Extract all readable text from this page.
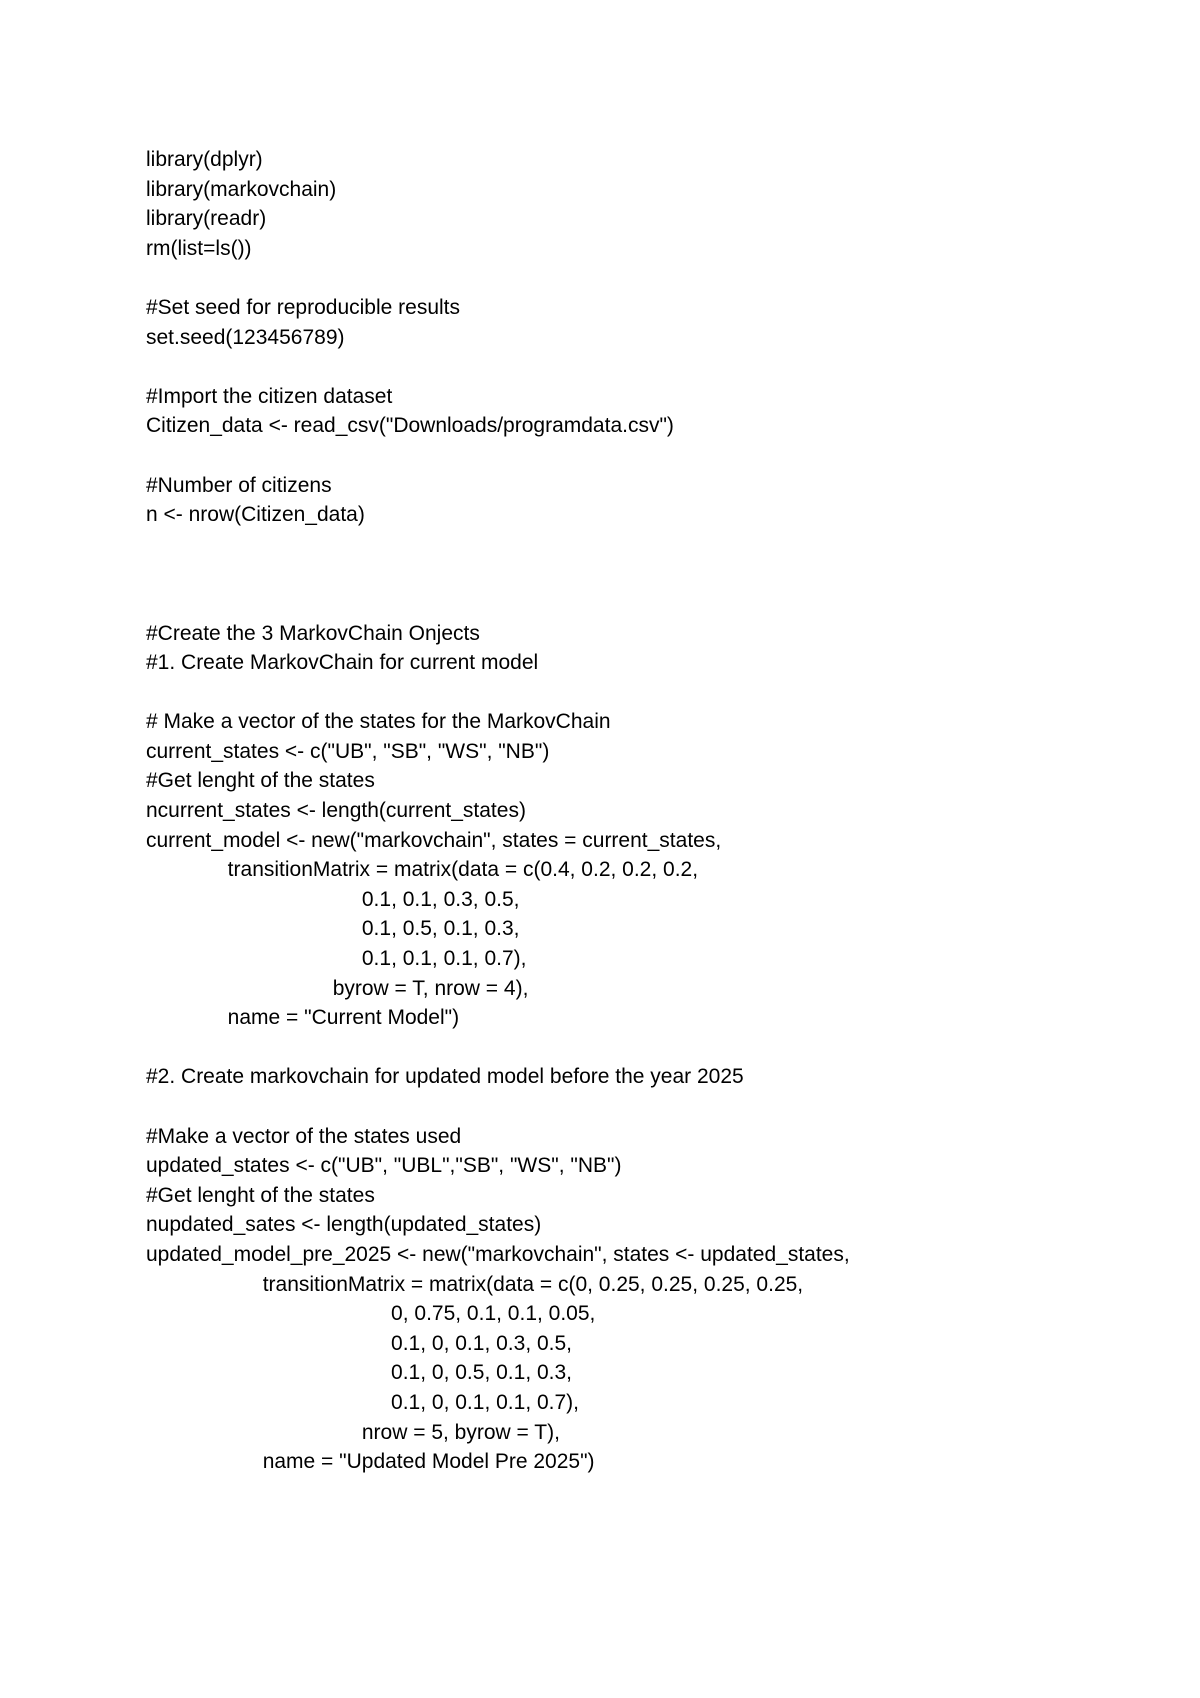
library(dplyr)
library(markovchain)
library(readr)
rm(list=ls())
#Set seed for reproducible results
set.seed(123456789)
#Import the citizen dataset
Citizen_data <- read_csv("Downloads/programdata.csv")
#Number of citizens
n <- nrow(Citizen_data)
#Create the 3 MarkovChain Onjects
#1. Create MarkovChain for current model
# Make a vector of the states for the MarkovChain
current_states <- c("UB", "SB", "WS", "NB")
#Get lenght of the states
ncurrent_states <- length(current_states)
current_model <- new("markovchain", states = current_states,
transitionMatrix = matrix(data = c(0.4, 0.2, 0.2, 0.2,
0.1, 0.1, 0.3, 0.5,
0.1, 0.5, 0.1, 0.3,
0.1, 0.1, 0.1, 0.7),
byrow = T, nrow = 4),
name = "Current Model")
#2. Create markovchain for updated model before the year 2025
#Make a vector of the states used
updated_states <- c("UB", "UBL","SB", "WS", "NB")
#Get lenght of the states
nupdated_sates <- length(updated_states)
updated_model_pre_2025 <- new("markovchain", states <- updated_states,
transitionMatrix = matrix(data = c(0, 0.25, 0.25, 0.25, 0.25,
0, 0.75, 0.1, 0.1, 0.05,
0.1, 0, 0.1, 0.3, 0.5,
0.1, 0, 0.5, 0.1, 0.3,
0.1, 0, 0.1, 0.1, 0.7),
nrow = 5, byrow = T),
name = "Updated Model Pre 2025")
